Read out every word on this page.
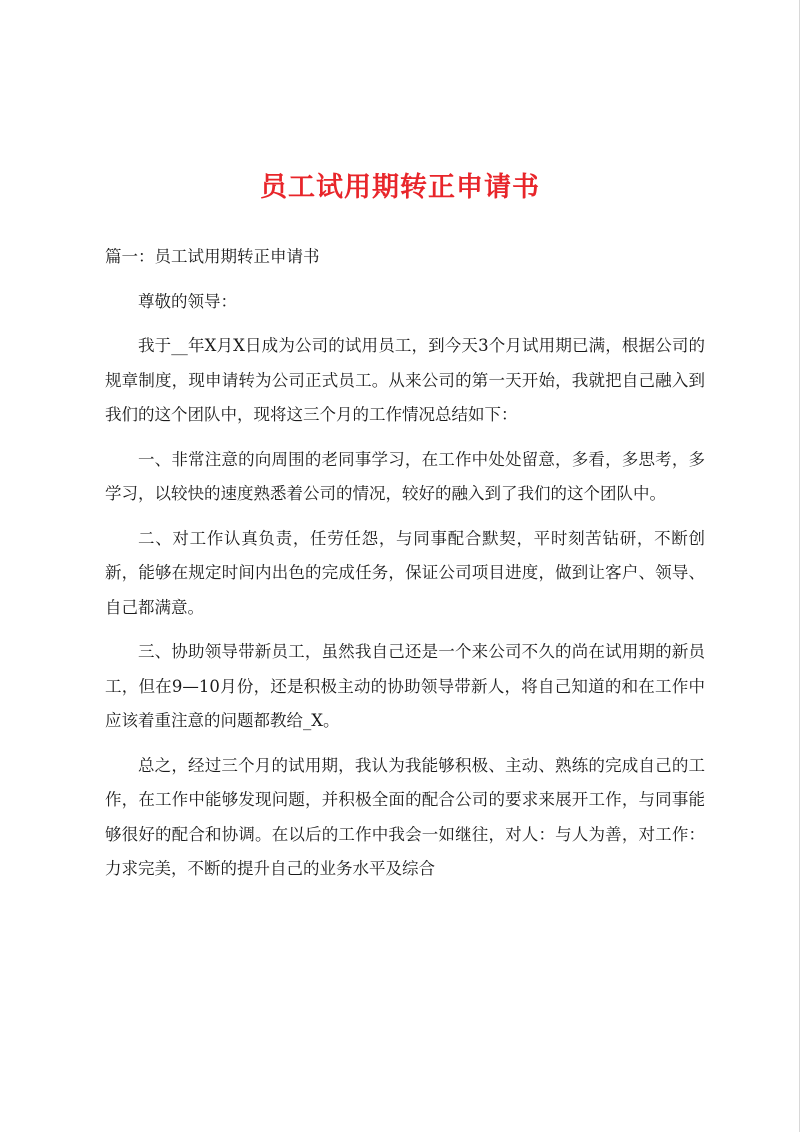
员工试用期转正申请书

篇一：员工试用期转正申请书

尊敬的领导：

我于__年X月X日成为公司的试用员工，到今天3个月试用期已满，根据公司的规章制度，现申请转为公司正式员工。从来公司的第一天开始，我就把自己融入到我们的这个团队中，现将这三个月的工作情况总结如下：

一、非常注意的向周围的老同事学习，在工作中处处留意，多看，多思考，多学习，以较快的速度熟悉着公司的情况，较好的融入到了我们的这个团队中。

二、对工作认真负责，任劳任怨，与同事配合默契，平时刻苦钻研，不断创新，能够在规定时间内出色的完成任务，保证公司项目进度，做到让客户、领导、自己都满意。

三、协助领导带新员工，虽然我自己还是一个来公司不久的尚在试用期的新员工，但在9—10月份，还是积极主动的协助领导带新人，将自己知道的和在工作中应该着重注意的问题都教给_X。

总之，经过三个月的试用期，我认为我能够积极、主动、熟练的完成自己的工作，在工作中能够发现问题，并积极全面的配合公司的要求来展开工作，与同事能够很好的配合和协调。在以后的工作中我会一如继往，对人：与人为善，对工作：力求完美，不断的提升自己的业务水平及综合
